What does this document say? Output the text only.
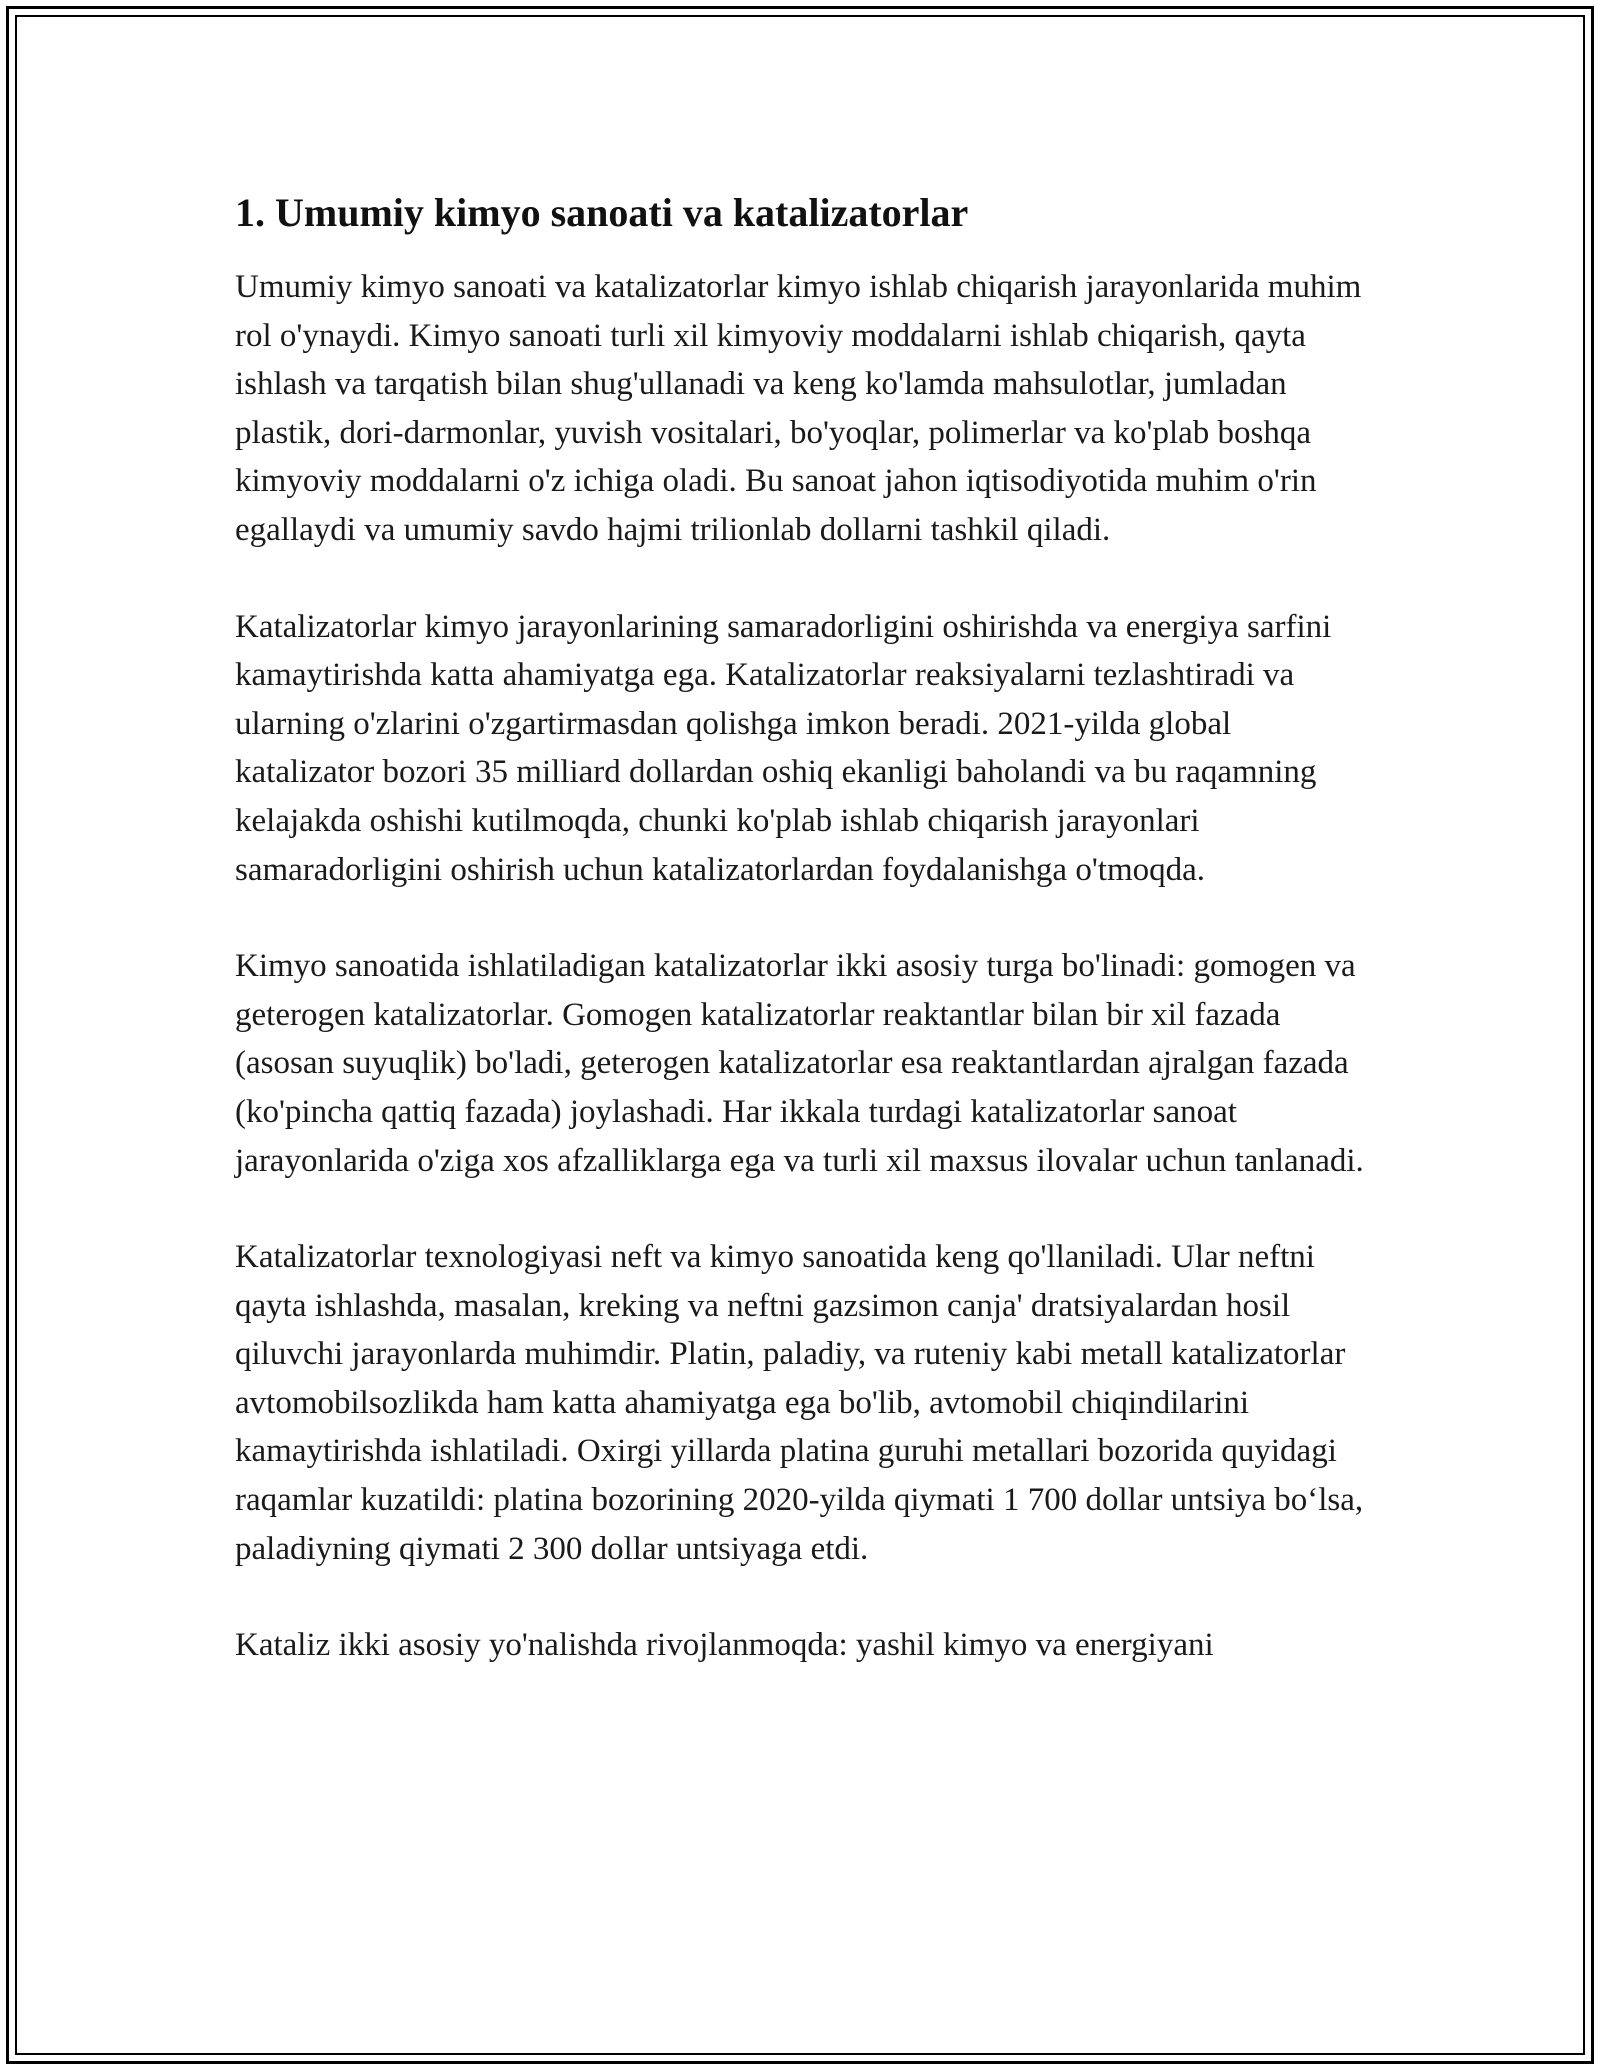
1. Umumiy kimyo sanoati va katalizatorlar

Umumiy kimyo sanoati va katalizatorlar kimyo ishlab chiqarish jarayonlarida muhim rol o'ynaydi. Kimyo sanoati turli xil kimyoviy moddalarni ishlab chiqarish, qayta ishlash va tarqatish bilan shug'ullanadi va keng ko'lamda mahsulotlar, jumladan plastik, dori-darmonlar, yuvish vositalari, bo'yoqlar, polimerlar va ko'plab boshqa kimyoviy moddalarni o'z ichiga oladi. Bu sanoat jahon iqtisodiyotida muhim o'rin egallaydi va umumiy savdo hajmi trilionlab dollarni tashkil qiladi.

Katalizatorlar kimyo jarayonlarining samaradorligini oshirishda va energiya sarfini kamaytirishda katta ahamiyatga ega. Katalizatorlar reaksiyalarni tezlashtiradi va ularning o'zlarini o'zgartirmasdan qolishga imkon beradi. 2021-yilda global katalizator bozori 35 milliard dollardan oshiq ekanligi baholandi va bu raqamning kelajakda oshishi kutilmoqda, chunki ko'plab ishlab chiqarish jarayonlari samaradorligini oshirish uchun katalizatorlardan foydalanishga o'tmoqda.

Kimyo sanoatida ishlatiladigan katalizatorlar ikki asosiy turga bo'linadi: gomogen va geterogen katalizatorlar. Gomogen katalizatorlar reaktantlar bilan bir xil fazada (asosan suyuqlik) bo'ladi, geterogen katalizatorlar esa reaktantlardan ajralgan fazada (ko'pincha qattiq fazada) joylashadi. Har ikkala turdagi katalizatorlar sanoat jarayonlarida o'ziga xos afzalliklarga ega va turli xil maxsus ilovalar uchun tanlanadi.

Katalizatorlar texnologiyasi neft va kimyo sanoatida keng qo'llaniladi. Ular neftni qayta ishlashda, masalan, kreking va neftni gazsimon canja' dratsiyalardan hosil qiluvchi jarayonlarda muhimdir. Platin, paladiy, va ruteniy kabi metall katalizatorlar avtomobilsozlikda ham katta ahamiyatga ega bo'lib, avtomobil chiqindilarini kamaytirishda ishlatiladi. Oxirgi yillarda platina guruhi metallari bozorida quyidagi raqamlar kuzatildi: platina bozorining 2020-yilda qiymati 1 700 dollar untsiya bo‘lsa, paladiyning qiymati 2 300 dollar untsiyaga etdi.

Kataliz ikki asosiy yo'nalishda rivojlanmoqda: yashil kimyo va energiyani
